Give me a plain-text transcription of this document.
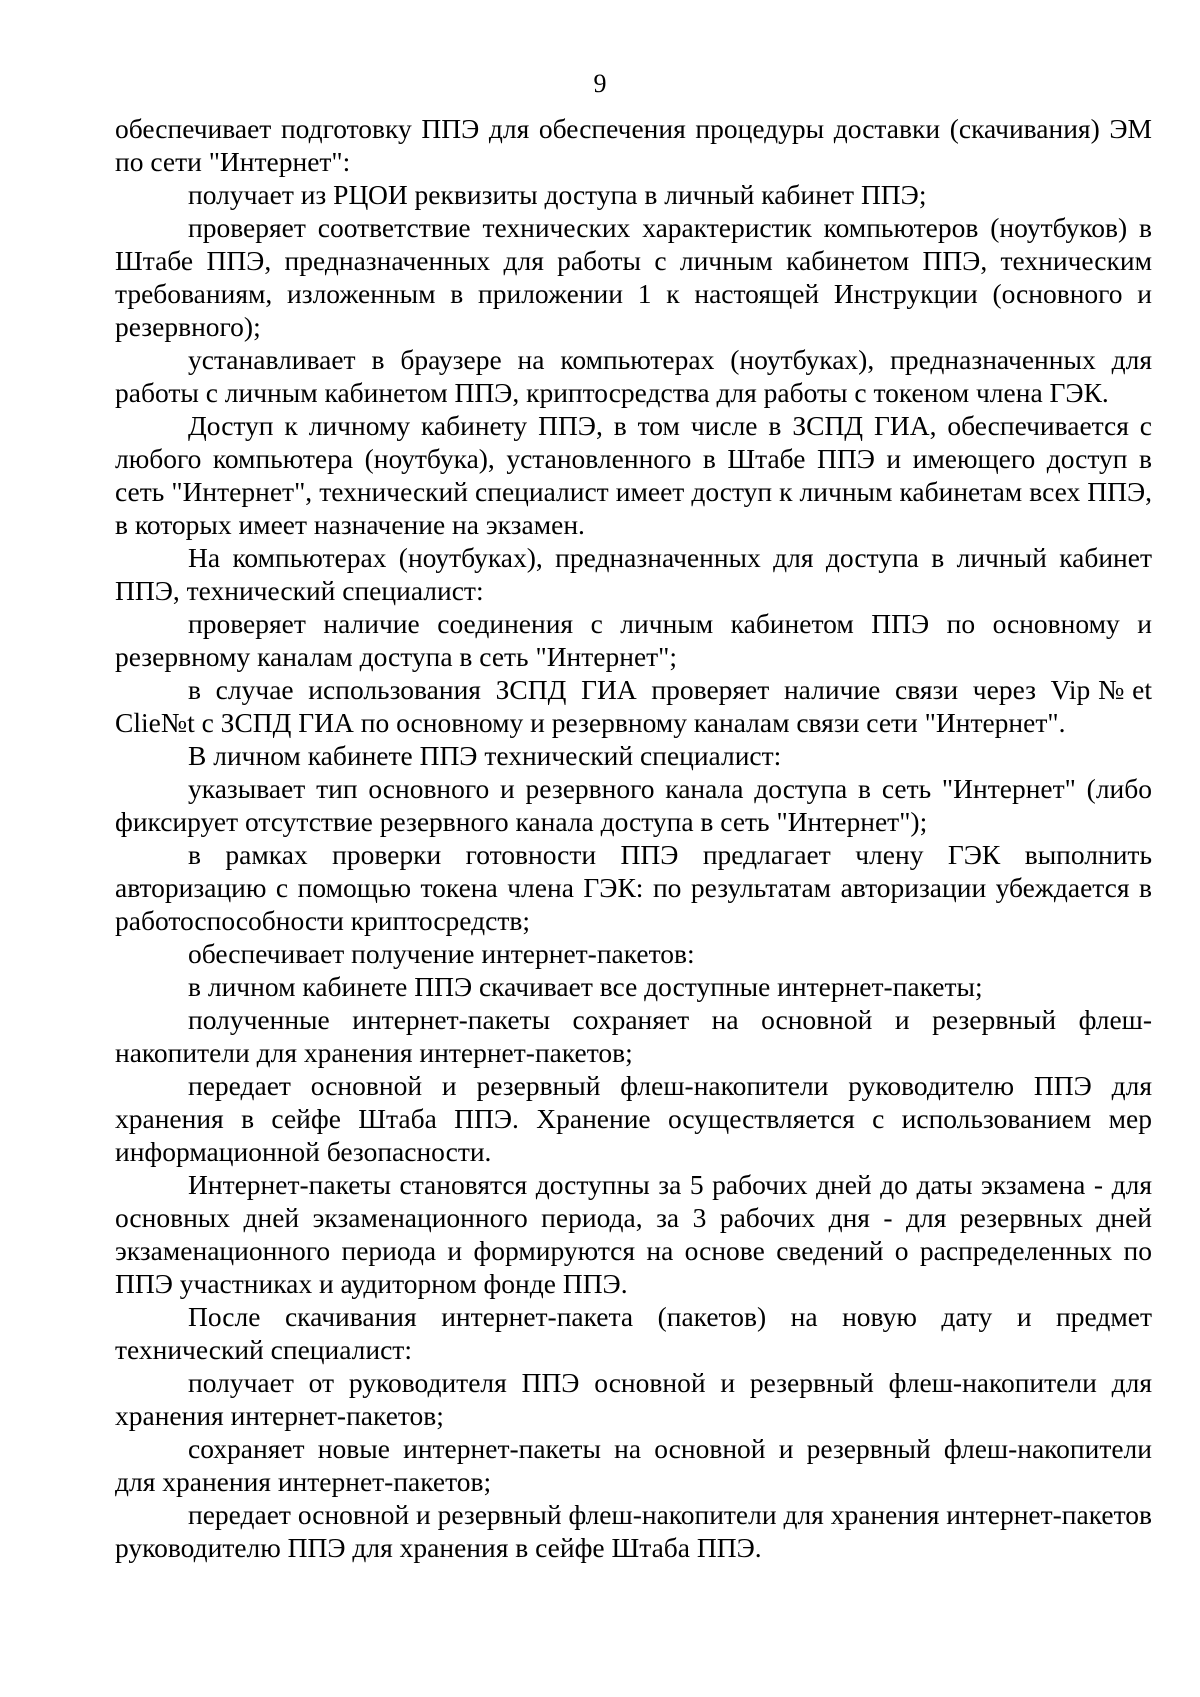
9

обеспечивает подготовку ППЭ для обеспечения процедуры доставки (скачивания) ЭМ по сети "Интернет":

получает из РЦОИ реквизиты доступа в личный кабинет ППЭ;

проверяет соответствие технических характеристик компьютеров (ноутбуков) в Штабе ППЭ, предназначенных для работы с личным кабинетом ППЭ, техническим требованиям, изложенным в приложении 1 к настоящей Инструкции (основного и резервного);

устанавливает в браузере на компьютерах (ноутбуках), предназначенных для работы с личным кабинетом ППЭ, криптосредства для работы с токеном члена ГЭК.

Доступ к личному кабинету ППЭ, в том числе в ЗСПД ГИА, обеспечивается с любого компьютера (ноутбука), установленного в Штабе ППЭ и имеющего доступ в сеть "Интернет", технический специалист имеет доступ к личным кабинетам всех ППЭ, в которых имеет назначение на экзамен.

На компьютерах (ноутбуках), предназначенных для доступа в личный кабинет ППЭ, технический специалист:

проверяет наличие соединения с личным кабинетом ППЭ по основному и резервному каналам доступа в сеть "Интернет";

в случае использования ЗСПД ГИА проверяет наличие связи через Vip№et Clie№t с ЗСПД ГИА по основному и резервному каналам связи сети "Интернет".

В личном кабинете ППЭ технический специалист:

указывает тип основного и резервного канала доступа в сеть "Интернет" (либо фиксирует отсутствие резервного канала доступа в сеть "Интернет");

в рамках проверки готовности ППЭ предлагает члену ГЭК выполнить авторизацию с помощью токена члена ГЭК: по результатам авторизации убеждается в работоспособности криптосредств;

обеспечивает получение интернет-пакетов:

в личном кабинете ППЭ скачивает все доступные интернет-пакеты;

полученные интернет-пакеты сохраняет на основной и резервный флеш-накопители для хранения интернет-пакетов;

передает основной и резервный флеш-накопители руководителю ППЭ для хранения в сейфе Штаба ППЭ. Хранение осуществляется с использованием мер информационной безопасности.

Интернет-пакеты становятся доступны за 5 рабочих дней до даты экзамена - для основных дней экзаменационного периода, за 3 рабочих дня - для резервных дней экзаменационного периода и формируются на основе сведений о распределенных по ППЭ участниках и аудиторном фонде ППЭ.

После скачивания интернет-пакета (пакетов) на новую дату и предмет технический специалист:

получает от руководителя ППЭ основной и резервный флеш-накопители для хранения интернет-пакетов;

сохраняет новые интернет-пакеты на основной и резервный флеш-накопители для хранения интернет-пакетов;

передает основной и резервный флеш-накопители для хранения интернет-пакетов руководителю ППЭ для хранения в сейфе Штаба ППЭ.
